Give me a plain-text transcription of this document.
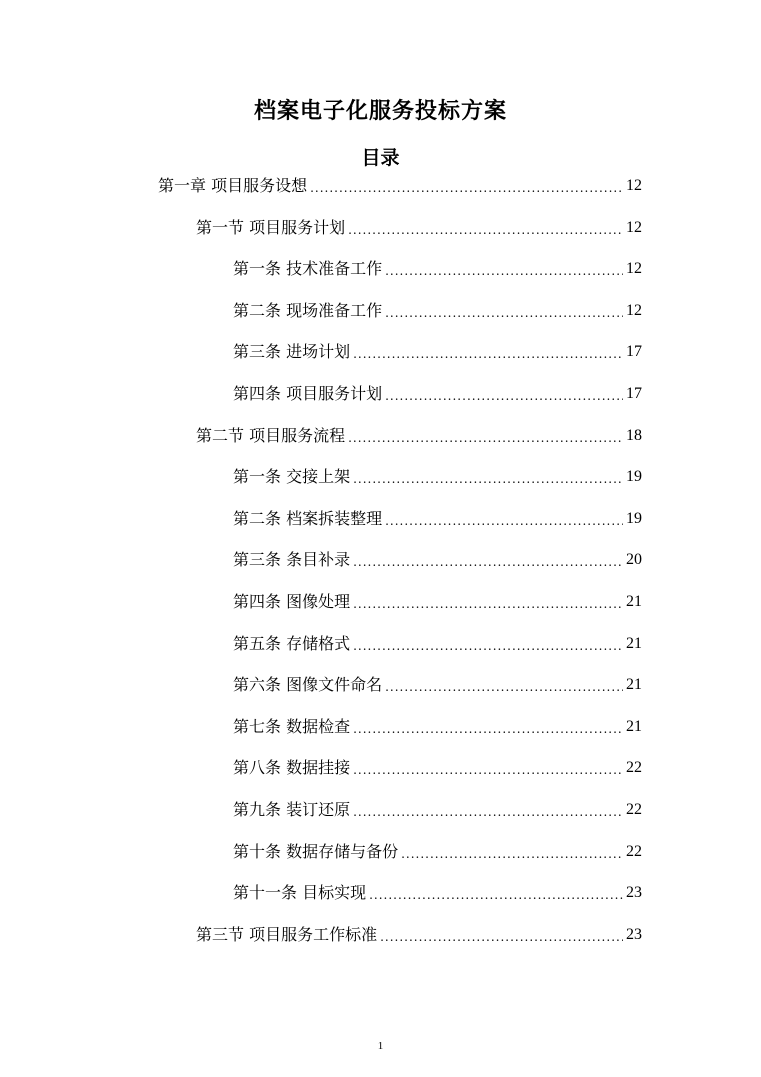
档案电子化服务投标方案
目录
第一章 项目服务设想 .....	12
第一节 项目服务计划 .....	12
第一条 技术准备工作 .....	12
第二条 现场准备工作 .....	12
第三条 进场计划 .....	17
第四条 项目服务计划 .....	17
第二节 项目服务流程 .....	18
第一条 交接上架 .....	19
第二条 档案拆装整理 .....	19
第三条 条目补录 .....	20
第四条 图像处理 .....	21
第五条 存储格式 .....	21
第六条 图像文件命名 .....	21
第七条 数据检查 .....	21
第八条 数据挂接 .....	22
第九条 装订还原 .....	22
第十条 数据存储与备份 .....	22
第十一条 目标实现 .....	23
第三节 项目服务工作标准 .....	23
1
